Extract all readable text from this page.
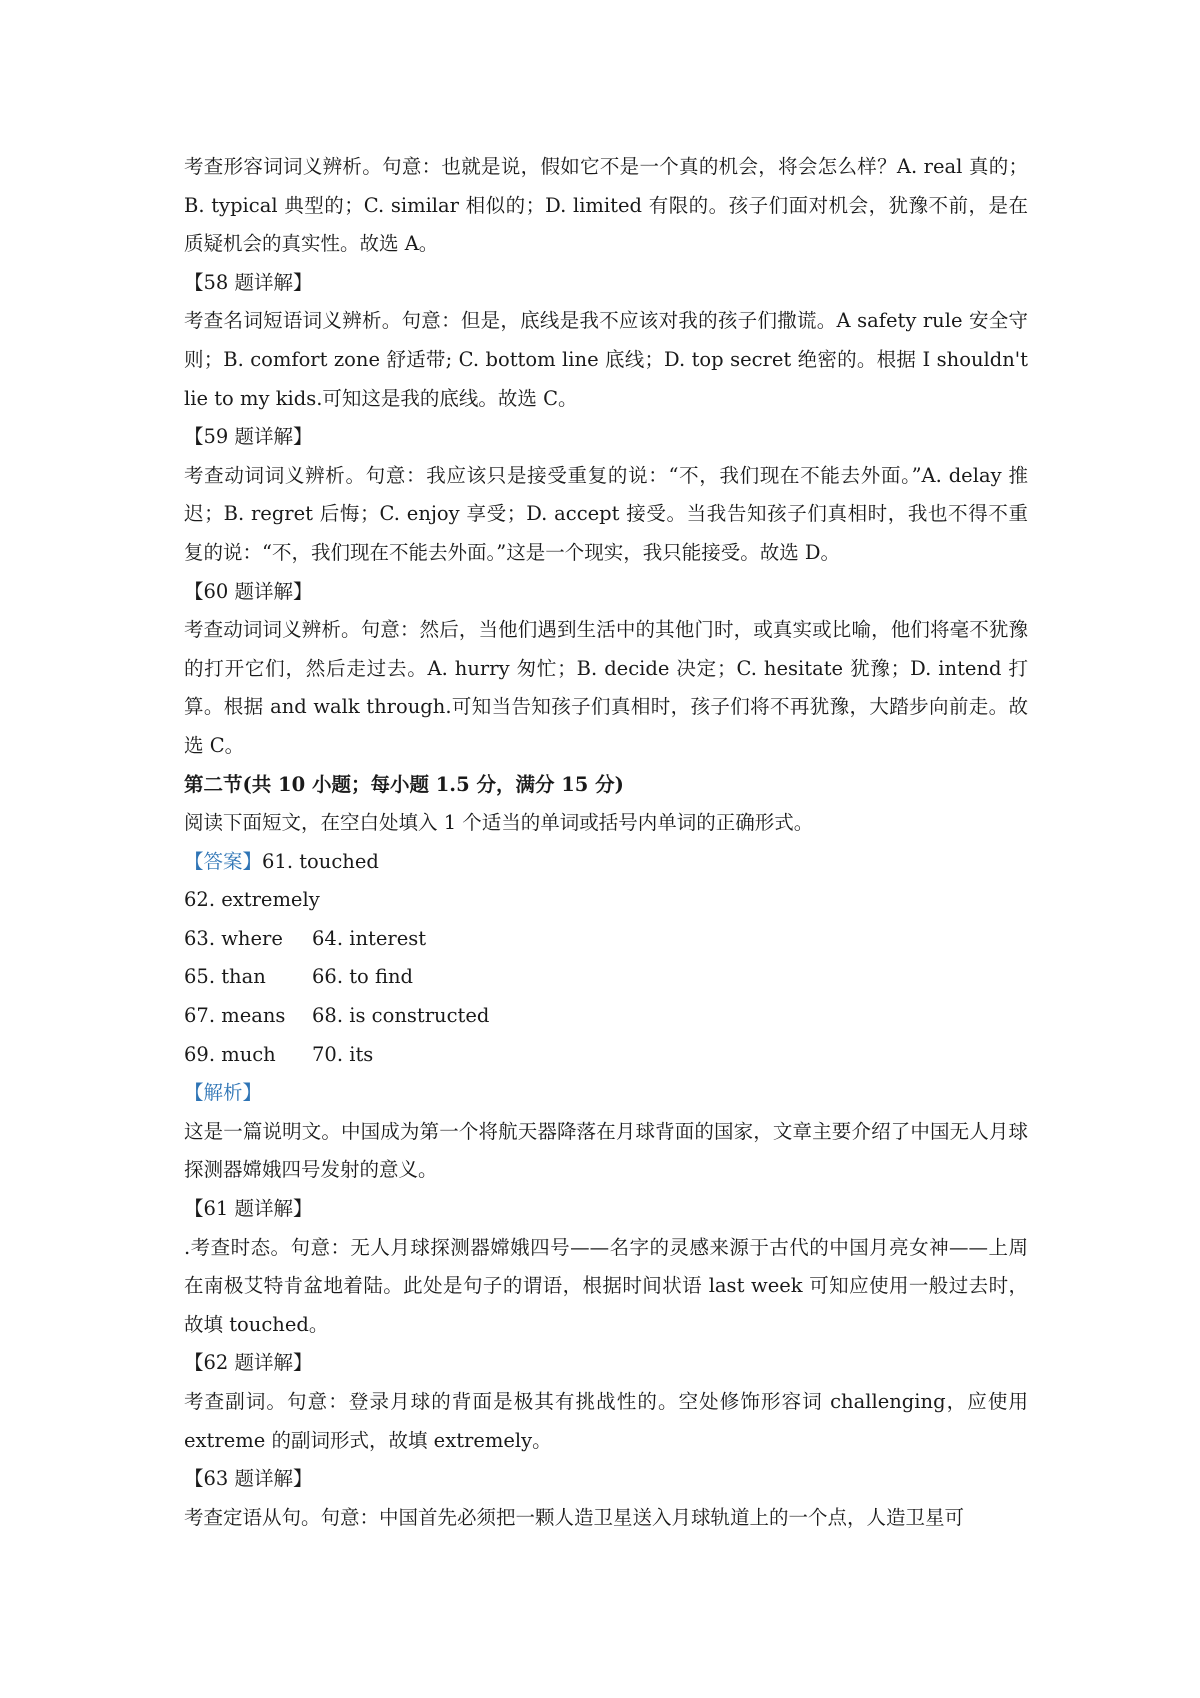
考查形容词词义辨析。句意：也就是说，假如它不是一个真的机会，将会怎么样？A. real 真的；B. typical 典型的；C. similar 相似的；D. limited 有限的。孩子们面对机会，犹豫不前，是在质疑机会的真实性。故选 A。

【58 题详解】

考查名词短语词义辨析。句意：但是，底线是我不应该对我的孩子们撒谎。A safety rule 安全守则；B. comfort zone 舒适带; C. bottom line 底线；D. top secret 绝密的。根据 I shouldn't lie to my kids.可知这是我的底线。故选 C。

【59 题详解】

考查动词词义辨析。句意：我应该只是接受重复的说：“不，我们现在不能去外面。”A. delay 推迟；B. regret 后悔；C. enjoy 享受；D. accept 接受。当我告知孩子们真相时，我也不得不重复的说：“不，我们现在不能去外面。”这是一个现实，我只能接受。故选 D。

【60 题详解】

考查动词词义辨析。句意：然后，当他们遇到生活中的其他门时，或真实或比喻，他们将毫不犹豫的打开它们，然后走过去。A. hurry 匆忙；B. decide 决定；C. hesitate 犹豫；D. intend 打算。根据 and walk through.可知当告知孩子们真相时，孩子们将不再犹豫，大踏步向前走。故选 C。

第二节(共 10 小题；每小题 1.5 分，满分 15 分)

阅读下面短文，在空白处填入 1 个适当的单词或括号内单词的正确形式。

【答案】61. touched

62. extremely

63. where 64. interest

65. than 66. to find

67. means 68. is constructed

69. much 70. its

【解析】

这是一篇说明文。中国成为第一个将航天器降落在月球背面的国家，文章主要介绍了中国无人月球探测器嫦娥四号发射的意义。

【61 题详解】

.考查时态。句意：无人月球探测器嫦娥四号——名字的灵感来源于古代的中国月亮女神——上周在南极艾特肯盆地着陆。此处是句子的谓语，根据时间状语 last week 可知应使用一般过去时，故填 touched。

【62 题详解】

考查副词。句意：登录月球的背面是极其有挑战性的。空处修饰形容词 challenging，应使用 extreme 的副词形式，故填 extremely。

【63 题详解】

考查定语从句。句意：中国首先必须把一颗人造卫星送入月球轨道上的一个点，人造卫星可
